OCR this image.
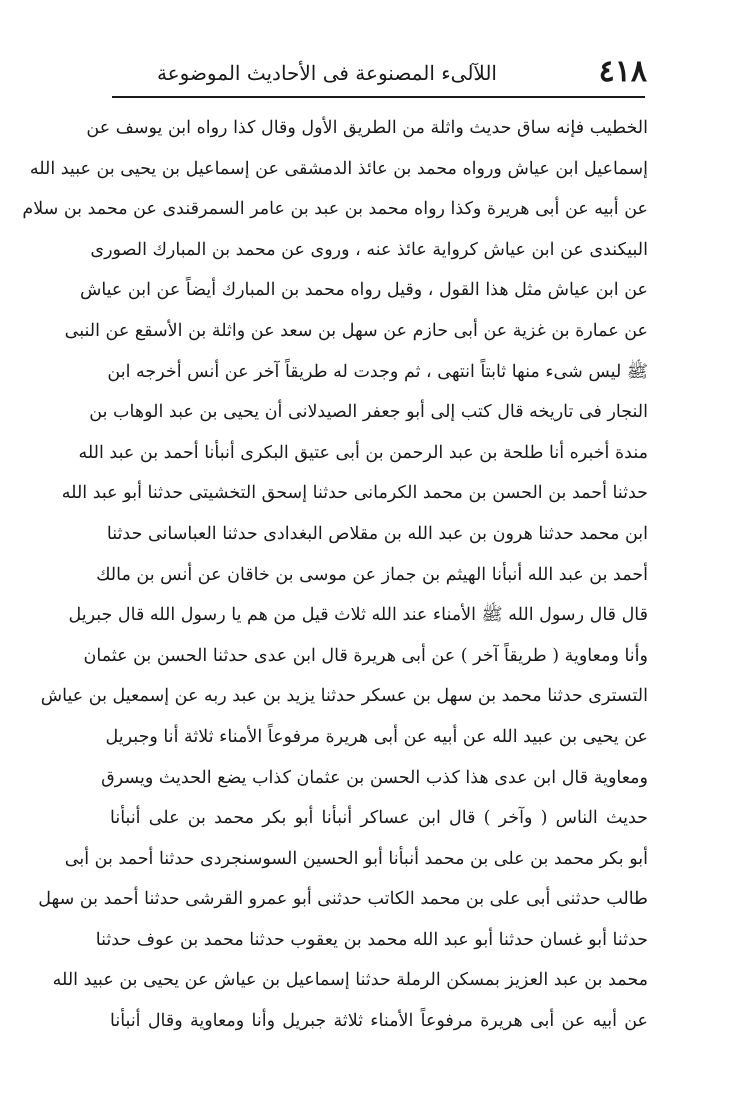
٤١٨
اللآلىء المصنوعة فى الأحاديث الموضوعة
الخطيب فإنه ساق حديث واثلة من الطريق الأول وقال كذا رواه ابن يوسف عن
إسماعيل ابن عياش ورواه محمد بن عائذ الدمشقى عن إسماعيل بن يحيى بن عبيد الله
عن أبيه عن أبى هريرة وكذا رواه محمد بن عبد بن عامر السمرقندى عن محمد بن سلام
البيكندى عن ابن عياش كرواية عائذ عنه ، وروى عن محمد بن المبارك الصورى
عن ابن عياش مثل هذا القول ، وقيل رواه محمد بن المبارك أيضاً عن ابن عياش
عن عمارة بن غزية عن أبى حازم عن سهل بن سعد عن واثلة بن الأسقع عن النبى
ﷺ ليس شىء منها ثابتاً انتهى ، ثم وجدت له طريقاً آخر عن أنس أخرجه ابن
النجار فى تاريخه قال كتب إلى أبو جعفر الصيدلانى أن يحيى بن عبد الوهاب بن
مندة أخبره أنا طلحة بن عبد الرحمن بن أبى عتيق البكرى أنبأنا أحمد بن عبد الله
حدثنا أحمد بن الحسن بن محمد الكرمانى حدثنا إسحق التخشيتى حدثنا أبو عبد الله
ابن محمد حدثنا هرون بن عبد الله بن مقلاص البغدادى حدثنا العباسانى حدثنا
أحمد بن عبد الله أنبأنا الهيثم بن جماز عن موسى بن خاقان عن أنس بن مالك
قال قال رسول الله ﷺ الأمناء عند الله ثلاث قيل من هم يا رسول الله قال جبريل
وأنا ومعاوية ( طريقاً آخر ) عن أبى هريرة قال ابن عدى حدثنا الحسن بن عثمان
التسترى حدثنا محمد بن سهل بن عسكر حدثنا يزيد بن عبد ربه عن إسمعيل بن عياش
عن يحيى بن عبيد الله عن أبيه عن أبى هريرة مرفوعاً الأمناء ثلاثة أنا وجبريل
ومعاوية قال ابن عدى هذا كذب الحسن بن عثمان كذاب يضع الحديث ويسرق
حديث الناس ( وآخر ) قال ابن عساكر أنبأنا أبو بكر محمد بن على أنبأنا
أبو بكر محمد بن على بن محمد أنبأنا أبو الحسين السوسنجردى حدثنا أحمد بن أبى
طالب حدثنى أبى على بن محمد الكاتب حدثنى أبو عمرو القرشى حدثنا أحمد بن سهل
حدثنا أبو غسان حدثنا أبو عبد الله محمد بن يعقوب حدثنا محمد بن عوف حدثنا
محمد بن عبد العزيز بمسكن الرملة حدثنا إسماعيل بن عياش عن يحيى بن عبيد الله
عن أبيه عن أبى هريرة مرفوعاً الأمناء ثلاثة جبريل وأنا ومعاوية وقال أنبأنا
